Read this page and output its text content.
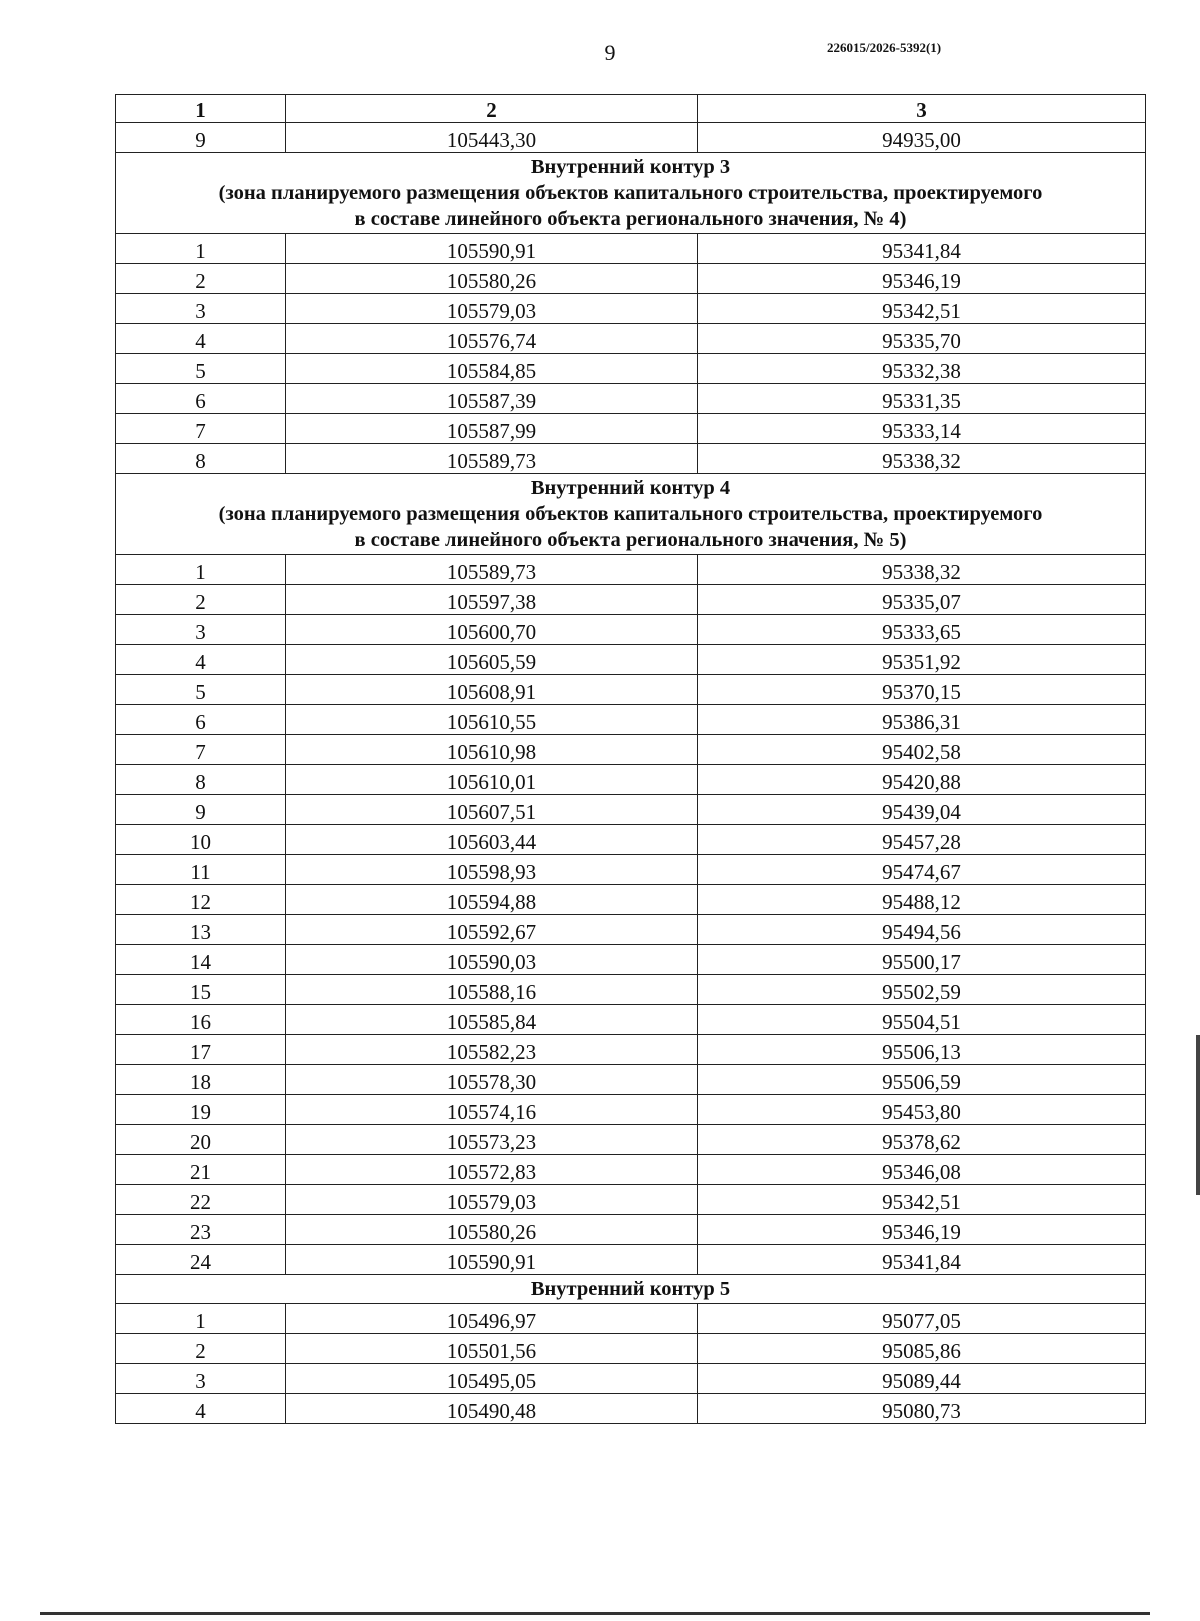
9	226015/2026-5392(1)
1	2	3
9	105443,30	94935,00

Внутренний контур 3
(зона планируемого размещения объектов капитального строительства, проектируемого
в составе линейного объекта регионального значения, № 4)		

1	105590,91	95341,84
2	105580,26	95346,19
3	105579,03	95342,51
4	105576,74	95335,70
5	105584,85	95332,38
6	105587,39	95331,35
7	105587,99	95333,14
8	105589,73	95338,32

Внутренний контур 4
(зона планируемого размещения объектов капитального строительства, проектируемого
в составе линейного объекта регионального значения, № 5)		

1	105589,73	95338,32
2	105597,38	95335,07
3	105600,70	95333,65
4	105605,59	95351,92
5	105608,91	95370,15
6	105610,55	95386,31
7	105610,98	95402,58
8	105610,01	95420,88
9	105607,51	95439,04
10	105603,44	95457,28
11	105598,93	95474,67
12	105594,88	95488,12
13	105592,67	95494,56
14	105590,03	95500,17
15	105588,16	95502,59
16	105585,84	95504,51
17	105582,23	95506,13
18	105578,30	95506,59
19	105574,16	95453,80
20	105573,23	95378,62
21	105572,83	95346,08
22	105579,03	95342,51
23	105580,26	95346,19
24	105590,91	95341,84

Внутренний контур 5		

1	105496,97	95077,05
2	105501,56	95085,86
3	105495,05	95089,44
4	105490,48	95080,73
